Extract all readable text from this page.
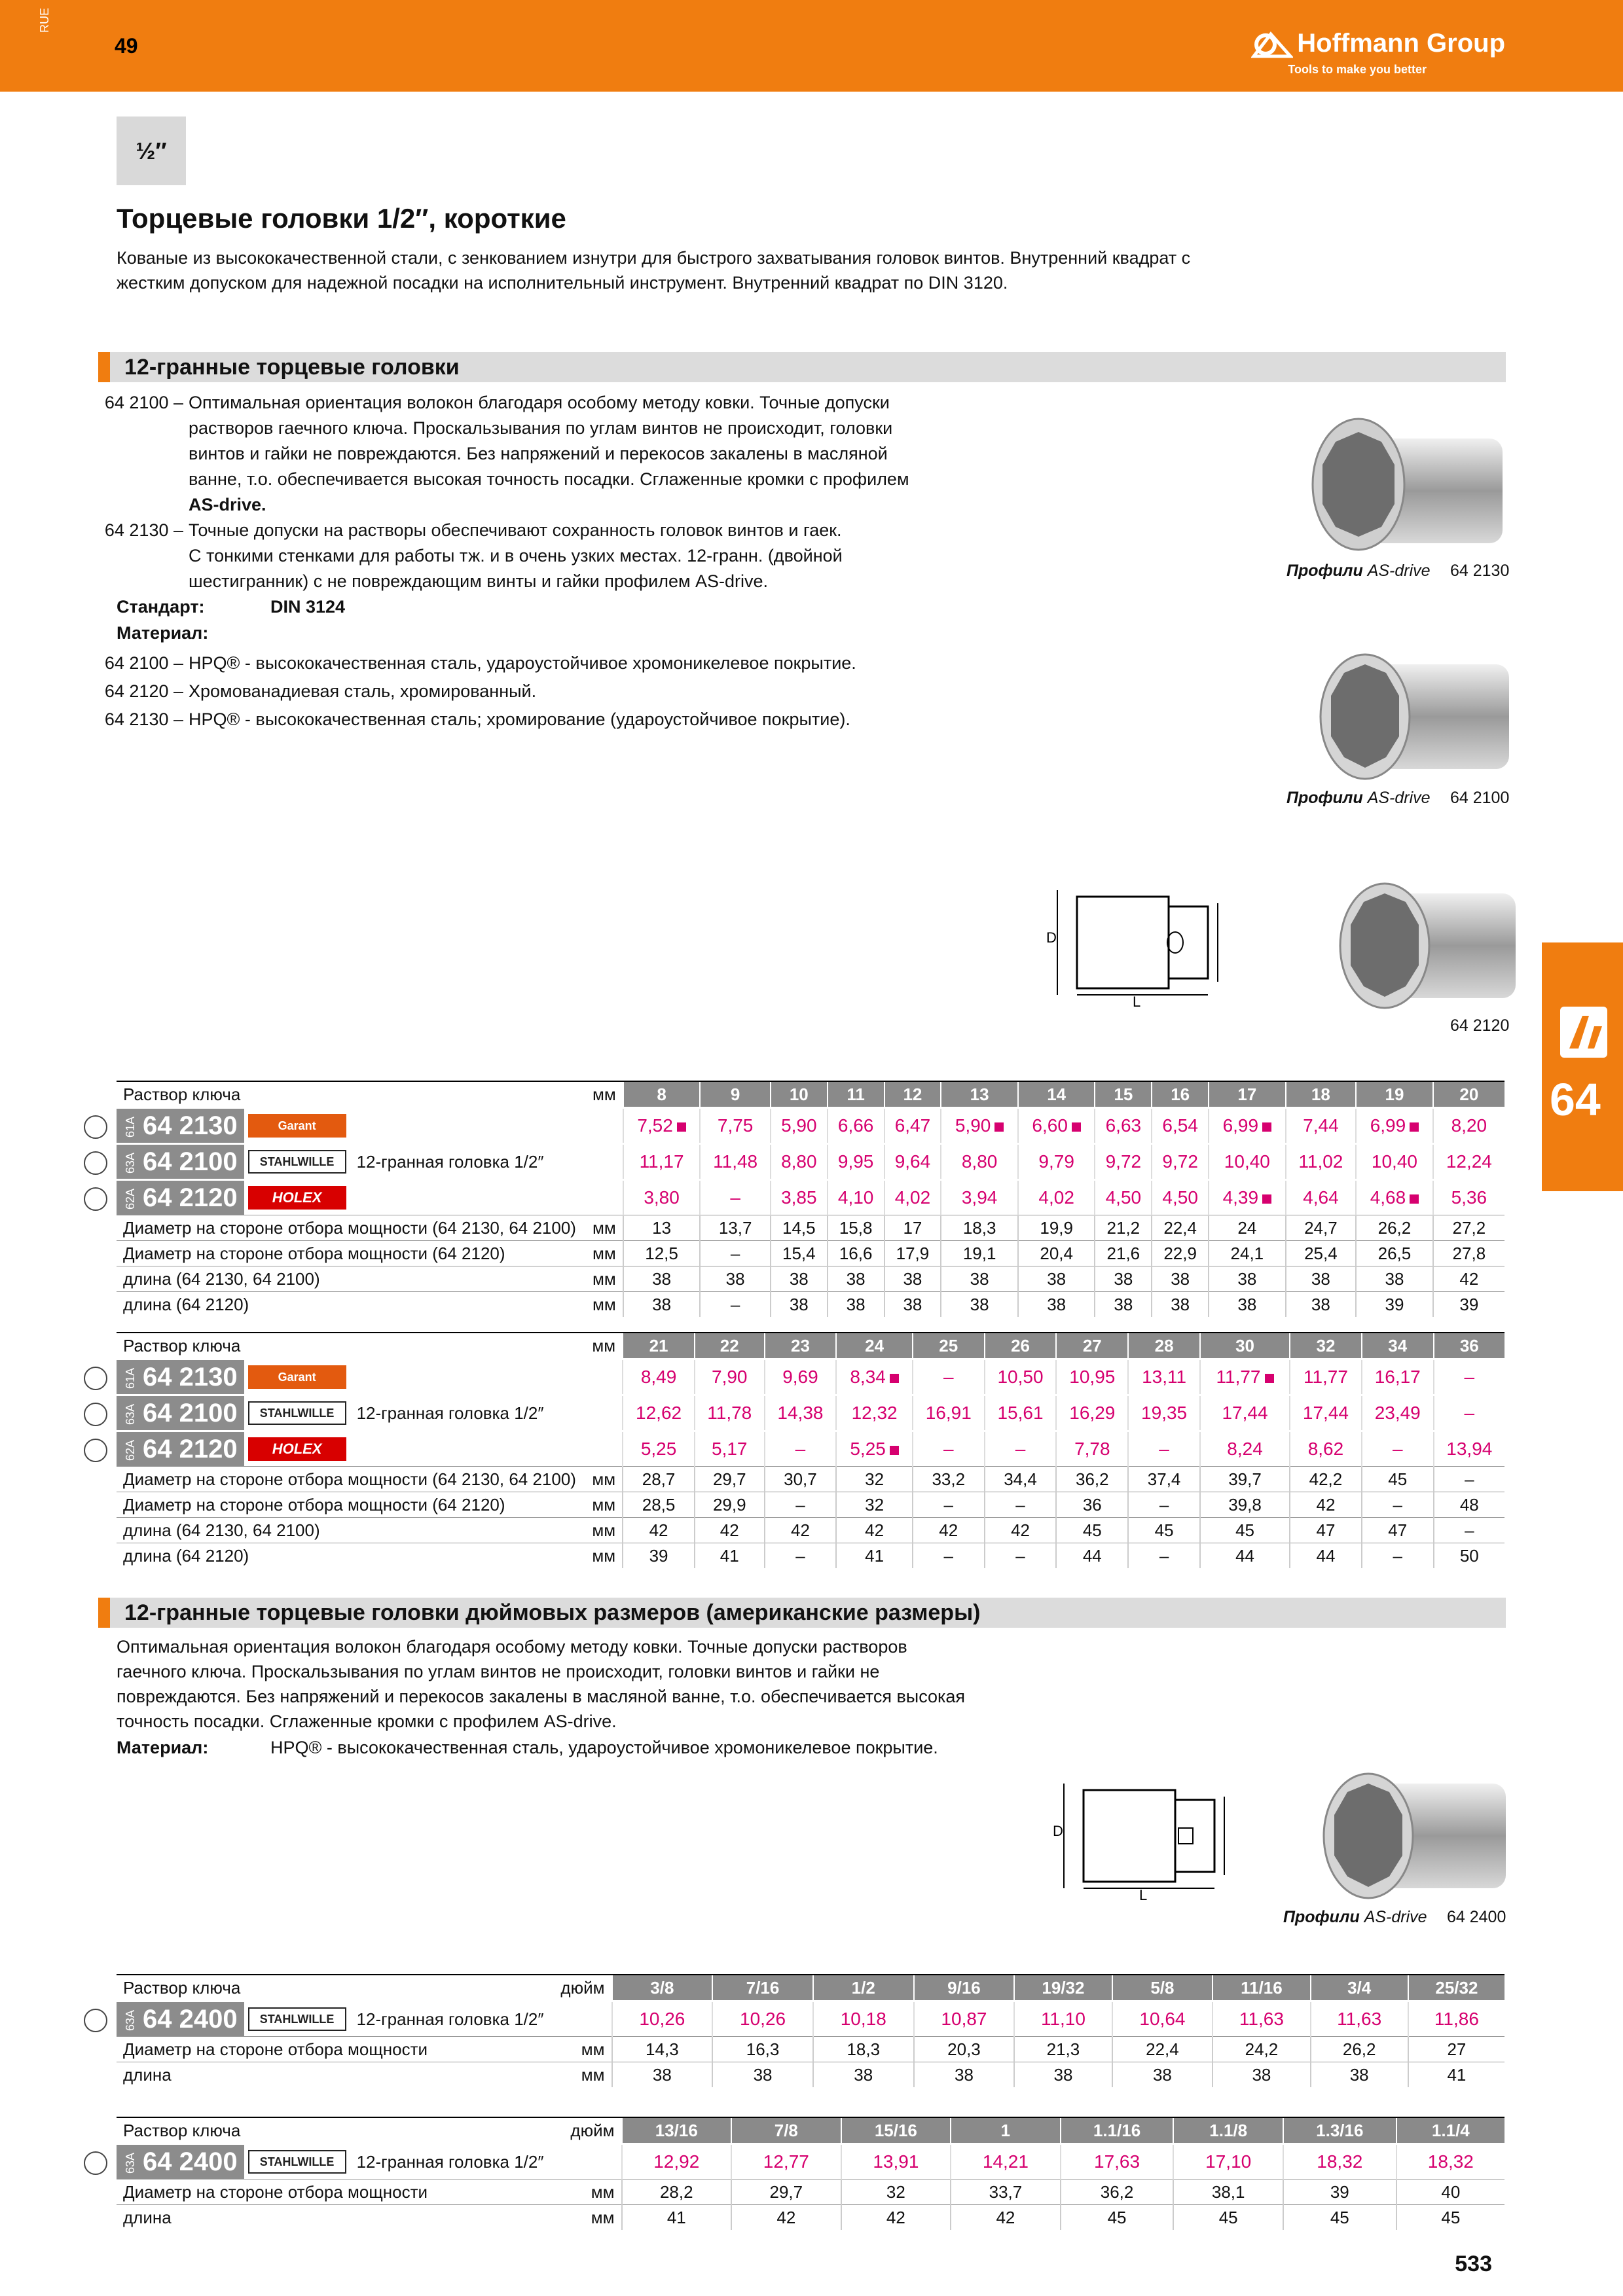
RUE
49	Hoffmann Group
Tools to make you better
½″
Торцевые головки 1/2″, короткие
Кованые из высококачественной стали, с зенкованием изнутри для быстрого захватывания головок винтов. Внутренний квадрат с
жестким допуском для надежной посадки на исполнительный инструмент. Внутренний квадрат по DIN 3120.
12-гранные торцевые головки
64 2100 – Оптимальная ориентация волокон благодаря особому методу ковки. Точные допуски
растворов гаечного ключа. Проскальзывания по углам винтов не происходит, головки
винтов и гайки не повреждаются. Без напряжений и перекосов закалены в масляной
ванне, т.о. обеспечивается высокая точность посадки. Сглаженные кромки с профилем
AS-drive.
64 2130 – Точные допуски на растворы обеспечивают сохранность головок винтов и гаек.
С тонкими стенками для работы тж. и в очень узких местах. 12-гранн. (двойной
шестигранник) с не повреждающим винты и гайки профилем AS-drive.
Стандарт:	DIN 3124
Материал:
64 2100 – HPQ® - высококачественная сталь, ударoустойчивое хромоникелевое покрытие.
64 2120 – Хромованадиевая сталь, хромированный.
64 2130 – HPQ® - высококачественная сталь; хромирование (ударoустойчивое покрытие).
Профили AS-drive 64 2130
Профили AS-drive 64 2100
D
L
64 2120
64
Раствор ключа	мм	8	9	10	11	12	13	14	15	16	17	18	19	20

61A 64 2130 Garant		7,52	7,75	5,90	6,66	6,47	5,90	6,60	6,63	6,54	6,99	7,44	6,99	8,20

63A 64 2100 STAHLWILLE 12-гранная головка 1/2″		11,17	11,48	8,80	9,95	9,64	8,80	9,79	9,72	9,72	10,40	11,02	10,40	12,24

62A 64 2120 HOLEX		3,80	–	3,85	4,10	4,02	3,94	4,02	4,50	4,50	4,39	4,64	4,68	5,36
Диаметр на стороне отбора мощности (64 2130, 64 2100)	мм	13	13,7	14,5	15,8	17	18,3	19,9	21,2	22,4	24	24,7	26,2	27,2
Диаметр на стороне отбора мощности (64 2120)	мм	12,5	–	15,4	16,6	17,9	19,1	20,4	21,6	22,9	24,1	25,4	26,5	27,8
длина (64 2130, 64 2100)	мм	38	38	38	38	38	38	38	38	38	38	38	38	42
длина (64 2120)	мм	38	–	38	38	38	38	38	38	38	38	38	39	39
Раствор ключа	мм	21	22	23	24	25	26	27	28	30	32	34	36

61A 64 2130 Garant		8,49	7,90	9,69	8,34	–	10,50	10,95	13,11	11,77	11,77	16,17	–

63A 64 2100 STAHLWILLE 12-гранная головка 1/2″		12,62	11,78	14,38	12,32	16,91	15,61	16,29	19,35	17,44	17,44	23,49	–

62A 64 2120 HOLEX		5,25	5,17	–	5,25	–	–	7,78	–	8,24	8,62	–	13,94
Диаметр на стороне отбора мощности (64 2130, 64 2100)	мм	28,7	29,7	30,7	32	33,2	34,4	36,2	37,4	39,7	42,2	45	–
Диаметр на стороне отбора мощности (64 2120)	мм	28,5	29,9	–	32	–	–	36	–	39,8	42	–	48
длина (64 2130, 64 2100)	мм	42	42	42	42	42	42	45	45	45	47	47	–
длина (64 2120)	мм	39	41	–	41	–	–	44	–	44	44	–	50
12-гранные торцевые головки дюймовых размеров (американские размеры)
Оптимальная ориентация волокон благодаря особому методу ковки. Точные допуски растворов
гаечного ключа. Проскальзывания по углам винтов не происходит, головки винтов и гайки не
повреждаются. Без напряжений и перекосов закалены в масляной ванне, т.о. обеспечивается высокая
точность посадки. Сглаженные кромки с профилем AS-drive.
Материал:	HPQ® - высококачественная сталь, ударoустойчивое хромоникелевое покрытие.
D
L
Профили AS-drive 64 2400
Раствор ключа	дюйм	3/8	7/16	1/2	9/16	19/32	5/8	11/16	3/4	25/32

63A 64 2400 STAHLWILLE 12-гранная головка 1/2″		10,26	10,26	10,18	10,87	11,10	10,64	11,63	11,63	11,86
Диаметр на стороне отбора мощности	мм	14,3	16,3	18,3	20,3	21,3	22,4	24,2	26,2	27
длина	мм	38	38	38	38	38	38	38	38	41
Раствор ключа	дюйм	13/16	7/8	15/16	1	1.1/16	1.1/8	1.3/16	1.1/4

63A 64 2400 STAHLWILLE 12-гранная головка 1/2″		12,92	12,77	13,91	14,21	17,63	17,10	18,32	18,32
Диаметр на стороне отбора мощности	мм	28,2	29,7	32	33,7	36,2	38,1	39	40
длина	мм	41	42	42	42	45	45	45	45
533
